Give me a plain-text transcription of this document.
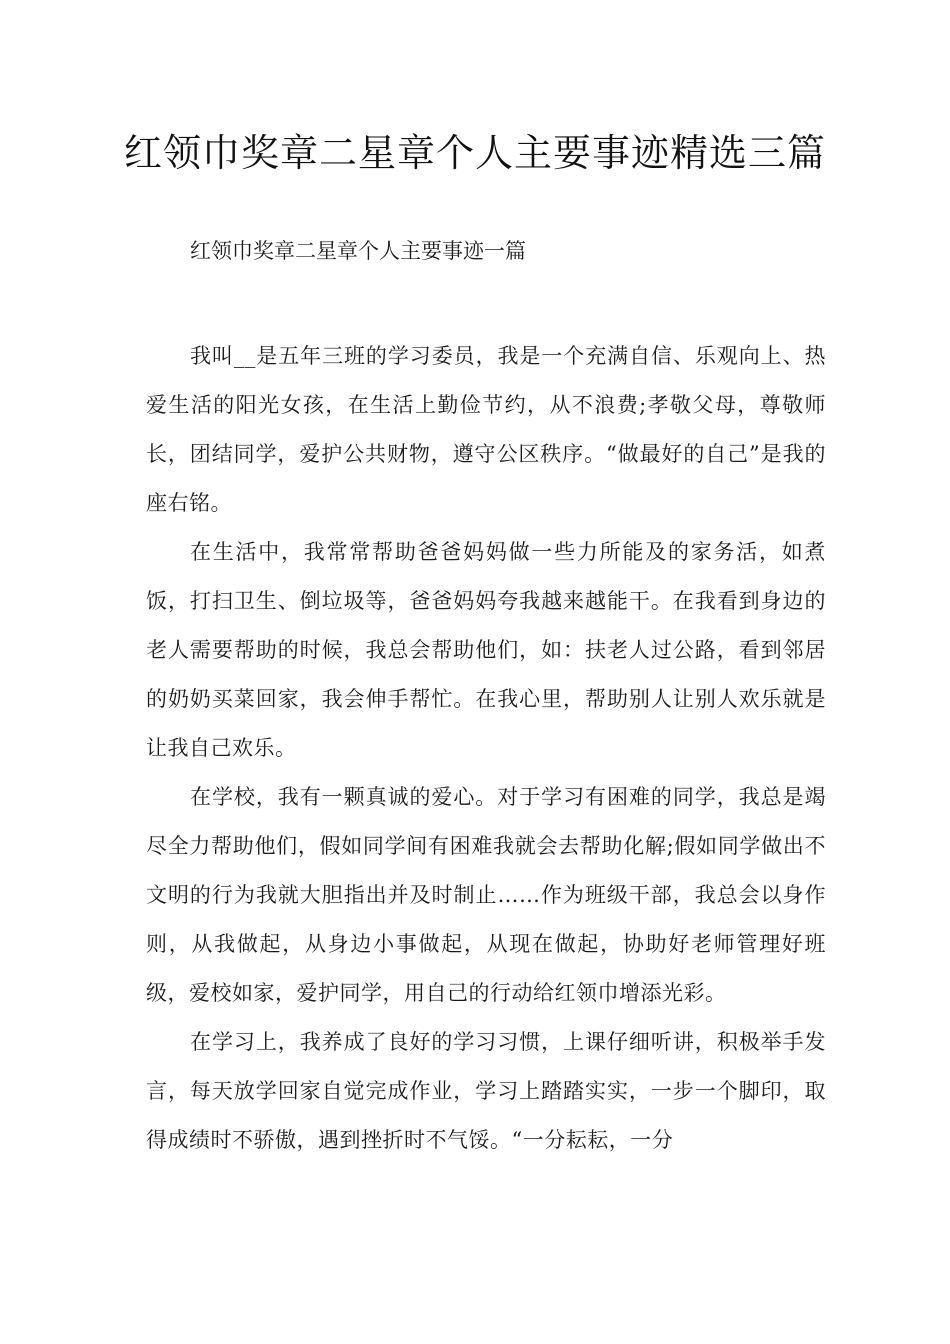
红领巾奖章二星章个人主要事迹精选三篇

红领巾奖章二星章个人主要事迹一篇

我叫__是五年三班的学习委员，我是一个充满自信、乐观向上、热爱生活的阳光女孩，在生活上勤俭节约，从不浪费;孝敬父母，尊敬师长，团结同学，爱护公共财物，遵守公区秩序。“做最好的自己”是我的座右铭。

在生活中，我常常帮助爸爸妈妈做一些力所能及的家务活，如煮饭，打扫卫生、倒垃圾等，爸爸妈妈夸我越来越能干。在我看到身边的老人需要帮助的时候，我总会帮助他们，如：扶老人过公路，看到邻居的奶奶买菜回家，我会伸手帮忙。在我心里，帮助别人让别人欢乐就是让我自己欢乐。

在学校，我有一颗真诚的爱心。对于学习有困难的同学，我总是竭尽全力帮助他们，假如同学间有困难我就会去帮助化解;假如同学做出不文明的行为我就大胆指出并及时制止……作为班级干部，我总会以身作则，从我做起，从身边小事做起，从现在做起，协助好老师管理好班级，爱校如家，爱护同学，用自己的行动给红领巾增添光彩。

在学习上，我养成了良好的学习习惯，上课仔细听讲，积极举手发言，每天放学回家自觉完成作业，学习上踏踏实实，一步一个脚印，取得成绩时不骄傲，遇到挫折时不气馁。“一分耘耘，一分
